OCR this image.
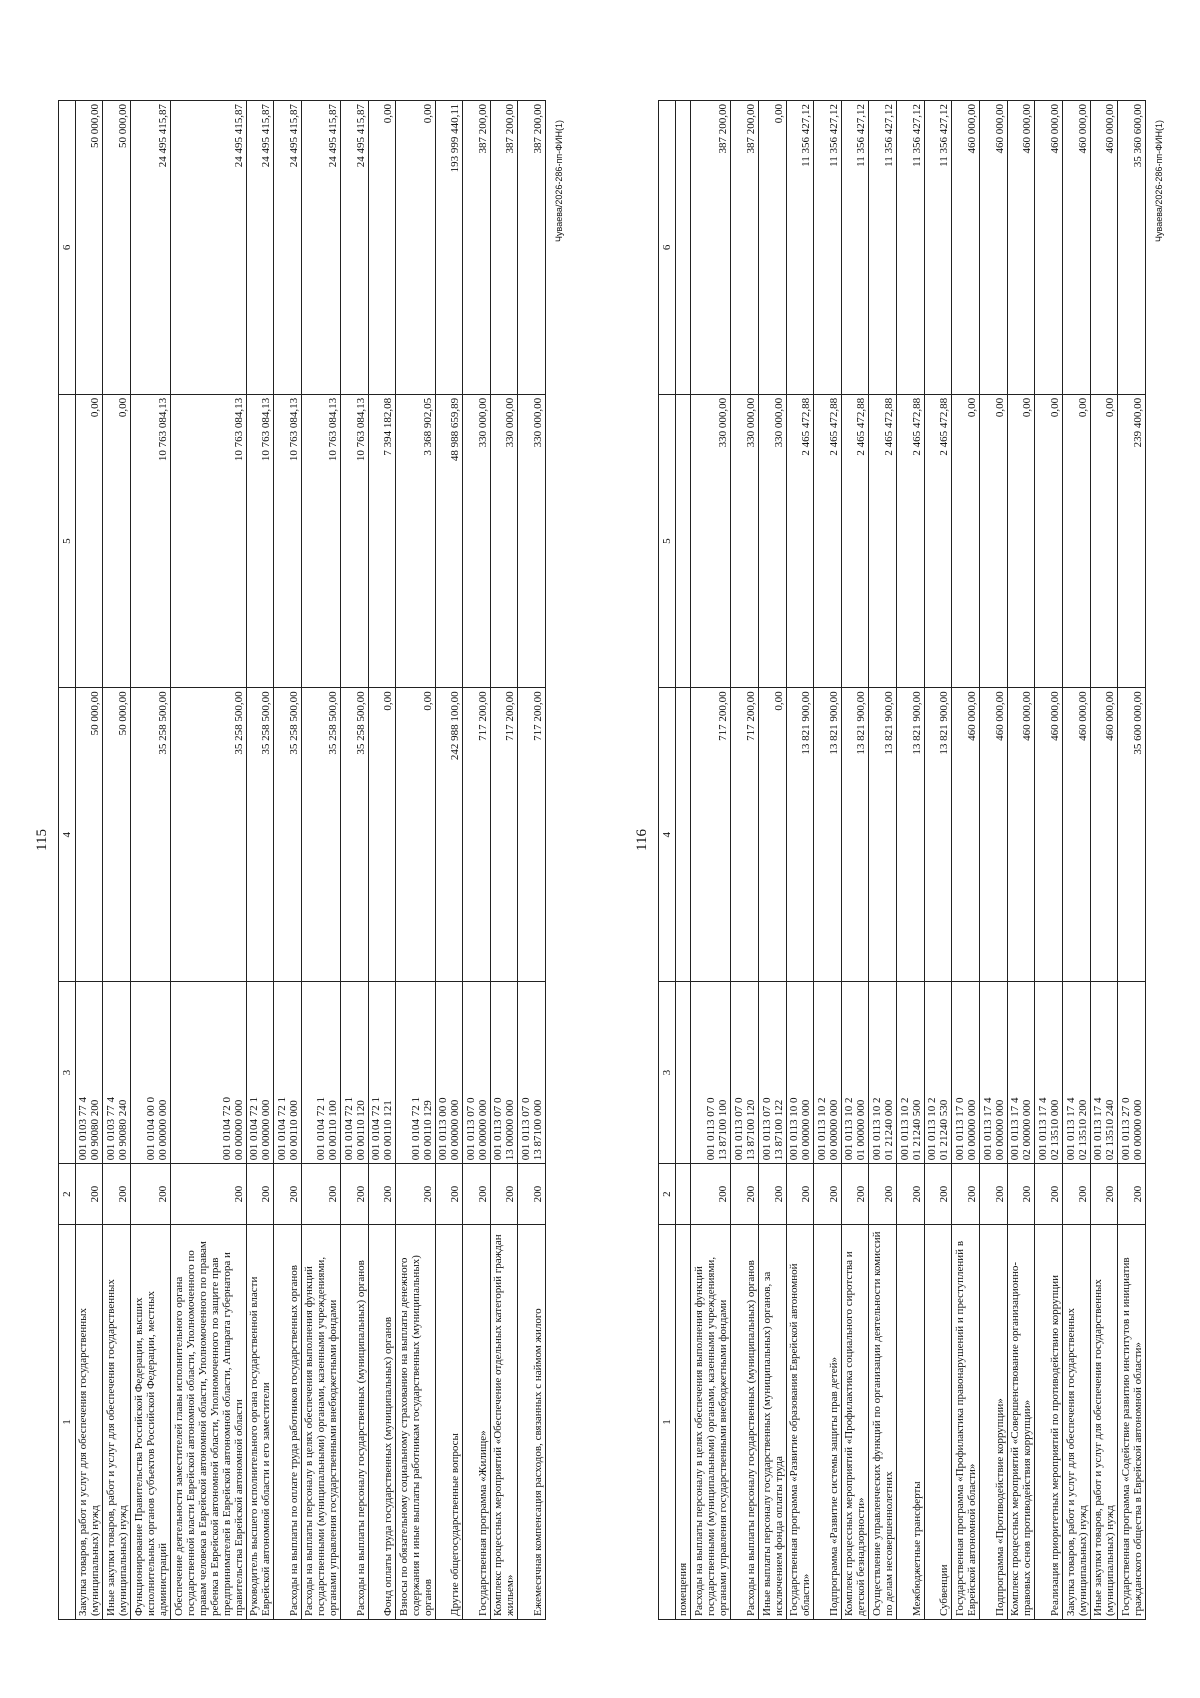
115
1	2	3	4	5	6
Закупка товаров, работ и услуг для обеспечения государственных (муниципальных) нужд	200	001 0103 77 4 00 90080 200	50 000,00	0,00	50 000,00
Иные закупки товаров, работ и услуг для обеспечения государственных (муниципальных) нужд	200	001 0103 77 4 00 90080 240	50 000,00	0,00	50 000,00
Функционирование Правительства Российской Федерации, высших исполнительных органов субъектов Российской Федерации, местных администраций	200	001 0104 00 0 00 00000 000	35 258 500,00	10 763 084,13	24 495 415,87
Обеспечение деятельности заместителей главы исполнительного органа государственной власти Еврейской автономной области, Уполномоченного по правам человека в Еврейской автономной области, Уполномоченного по правам ребенка в Еврейской автономной области, Уполномоченного по защите прав предпринимателей в Еврейской автономной области, Аппарата губернатора и правительства Еврейской автономной области	200	001 0104 72 0 00 00000 000	35 258 500,00	10 763 084,13	24 495 415,87
Руководитель высшего исполнительного органа государственной власти Еврейской автономной области и его заместители	200	001 0104 72 1 00 00000 000	35 258 500,00	10 763 084,13	24 495 415,87
Расходы на выплаты по оплате труда работников государственных органов	200	001 0104 72 1 00 00110 000	35 258 500,00	10 763 084,13	24 495 415,87
Расходы на выплаты персоналу в целях обеспечения выполнения функций государственными (муниципальными) органами, казенными учреждениями, органами управления государственными внебюджетными фондами	200	001 0104 72 1 00 00110 100	35 258 500,00	10 763 084,13	24 495 415,87
Расходы на выплаты персоналу государственных (муниципальных) органов	200	001 0104 72 1 00 00110 120	35 258 500,00	10 763 084,13	24 495 415,87
Фонд оплаты труда государственных (муниципальных) органов	200	001 0104 72 1 00 00110 121	0,00	7 394 182,08	0,00
Взносы по обязательному социальному страхованию на выплаты денежного содержания и иные выплаты работникам государственных (муниципальных) органов	200	001 0104 72 1 00 00110 129	0,00	3 368 902,05	0,00
Другие общегосударственные вопросы	200	001 0113 00 0 00 00000 000	242 988 100,00	48 988 659,89	193 999 440,11
Государственная программа «Жилище»	200	001 0113 07 0 00 00000 000	717 200,00	330 000,00	387 200,00
Комплекс процессных мероприятий «Обеспечение отдельных категорий граждан жильем»	200	001 0113 07 0 13 00000 000	717 200,00	330 000,00	387 200,00
Ежемесячная компенсация расходов, связанных с наймом жилого	200	001 0113 07 0 13 87100 000	717 200,00	330 000,00	387 200,00 Чуваева/2026-286-пп-ФИН(1)
116
1	2	3	4	5	6
помещения					
Расходы на выплаты персоналу в целях обеспечения выполнения функций государственными (муниципальными) органами, казенными учреждениями, органами управления государственными внебюджетными фондами	200	001 0113 07 0 13 87100 100	717 200,00	330 000,00	387 200,00
Расходы на выплаты персоналу государственных (муниципальных) органов	200	001 0113 07 0 13 87100 120	717 200,00	330 000,00	387 200,00
Иные выплаты персоналу государственных (муниципальных) органов, за исключением фонда оплаты труда	200	001 0113 07 0 13 87100 122	0,00	330 000,00	0,00
Государственная программа «Развитие образования Еврейской автономной области»	200	001 0113 10 0 00 00000 000	13 821 900,00	2 465 472,88	11 356 427,12
Подпрограмма «Развитие системы защиты прав детей»	200	001 0113 10 2 00 00000 000	13 821 900,00	2 465 472,88	11 356 427,12
Комплекс процессных мероприятий «Профилактика социального сиротства и детской безнадзорности»	200	001 0113 10 2 01 00000 000	13 821 900,00	2 465 472,88	11 356 427,12
Осуществление управленческих функций по организации деятельности комиссий по делам несовершеннолетних	200	001 0113 10 2 01 21240 000	13 821 900,00	2 465 472,88	11 356 427,12
Межбюджетные трансферты	200	001 0113 10 2 01 21240 500	13 821 900,00	2 465 472,88	11 356 427,12
Субвенции	200	001 0113 10 2 01 21240 530	13 821 900,00	2 465 472,88	11 356 427,12
Государственная программа «Профилактика правонарушений и преступлений в Еврейской автономной области»	200	001 0113 17 0 00 00000 000	460 000,00	0,00	460 000,00
Подпрограмма «Противодействие коррупции»	200	001 0113 17 4 00 00000 000	460 000,00	0,00	460 000,00
Комплекс процессных мероприятий «Совершенствование организационно-правовых основ противодействия коррупции»	200	001 0113 17 4 02 00000 000	460 000,00	0,00	460 000,00
Реализация приоритетных мероприятий по противодействию коррупции	200	001 0113 17 4 02 13510 000	460 000,00	0,00	460 000,00
Закупка товаров, работ и услуг для обеспечения государственных (муниципальных) нужд	200	001 0113 17 4 02 13510 200	460 000,00	0,00	460 000,00
Иные закупки товаров, работ и услуг для обеспечения государственных (муниципальных) нужд	200	001 0113 17 4 02 13510 240	460 000,00	0,00	460 000,00
Государственная программа «Содействие развитию институтов и инициатив гражданского общества в Еврейской автономной области»	200	001 0113 27 0 00 00000 000	35 600 000,00	239 400,00	35 360 600,00 Чуваева/2026-286-пп-ФИН(1)
